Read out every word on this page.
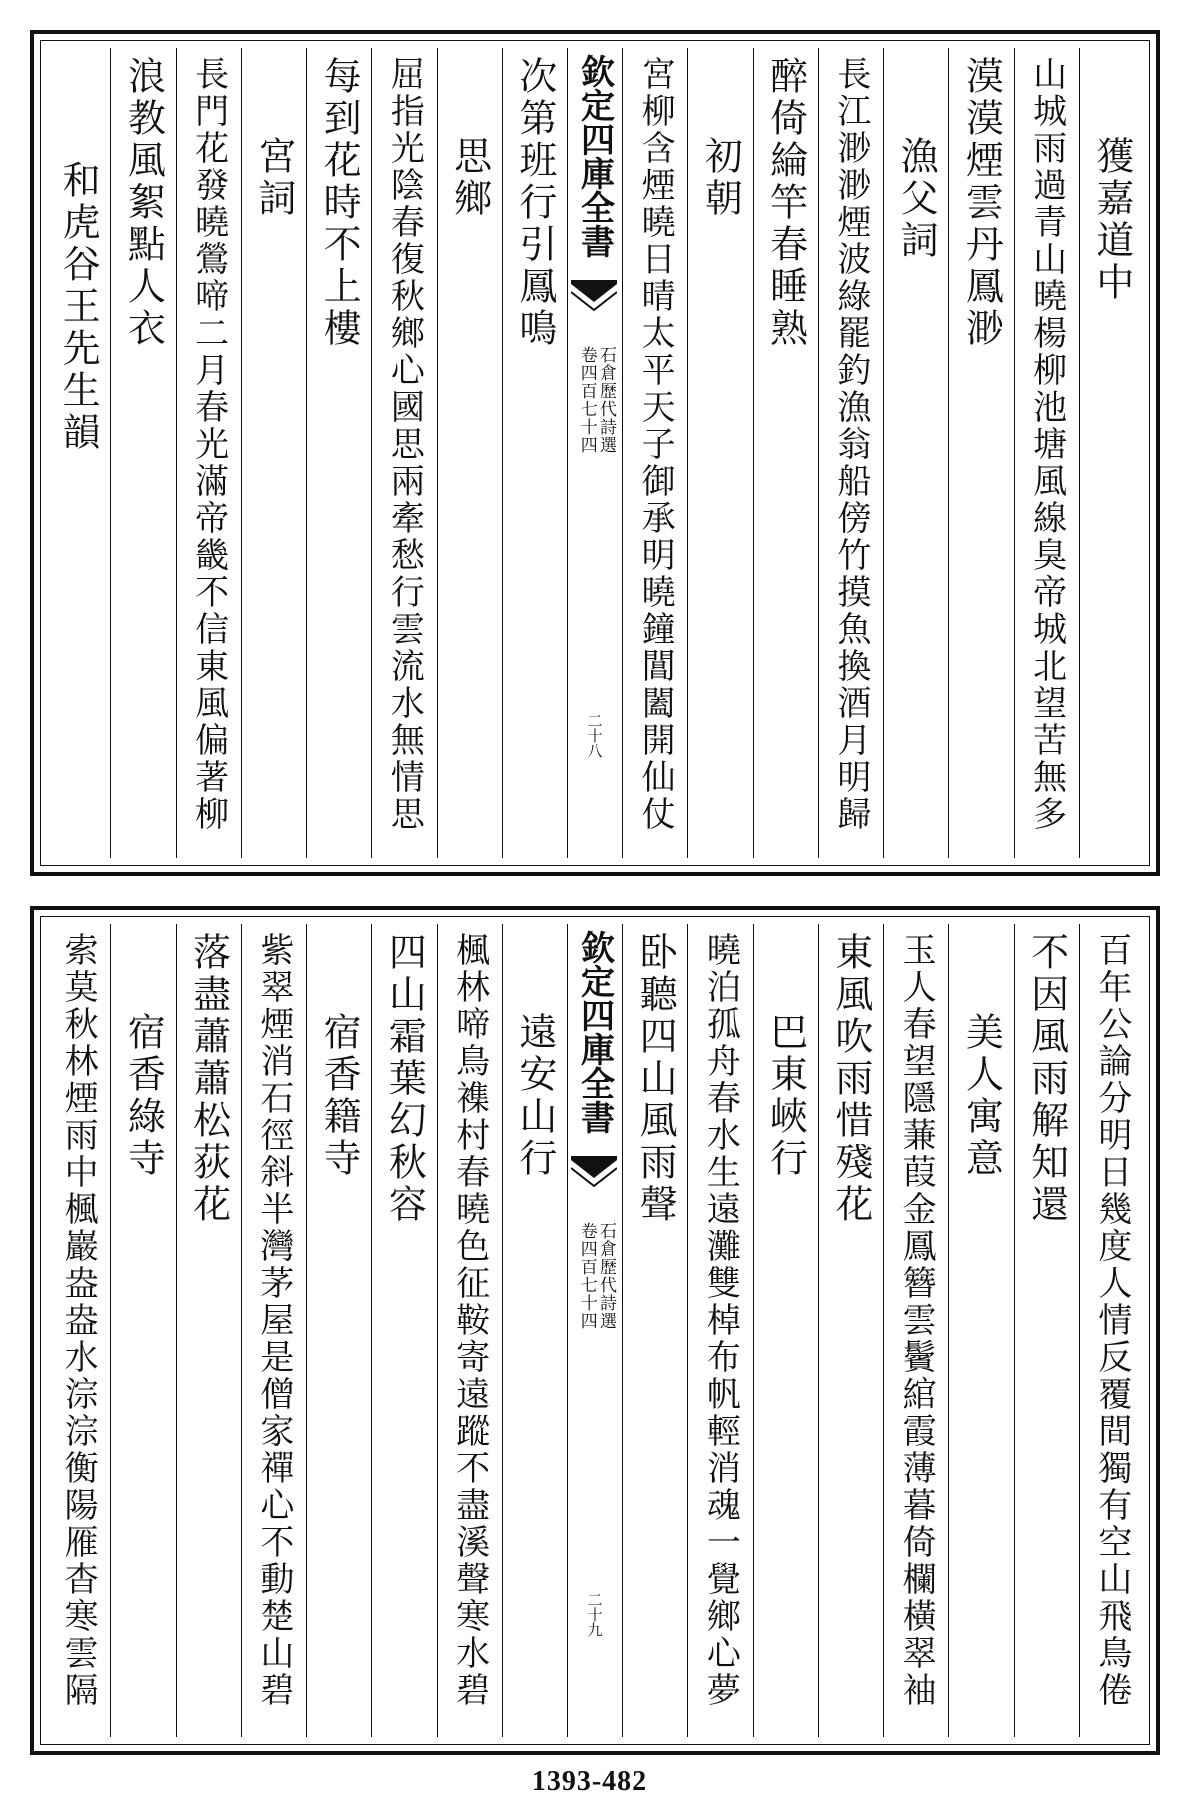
獲嘉道中
山城雨過青山曉楊柳池塘風線臭帝城北望苦無多
漠漠煙雲丹鳳渺
漁父詞
長江渺渺煙波綠罷釣漁翁船傍竹摸魚換酒月明歸
醉倚綸竿春睡熟
初朝
宮柳含煙曉日晴太平天子御承明曉鐘閶闔開仙仗
欽定四庫全書
石倉歷代詩選
卷四百七十四
二十八
次第班行引鳳鳴
思鄉
屈指光陰春復秋鄉心國思兩牽愁行雲流水無情思
每到花時不上樓
宮詞
長門花發曉鶯啼二月春光滿帝畿不信東風偏著柳
浪教風絮點人衣
和虎谷王先生韻
百年公論分明日幾度人情反覆間獨有空山飛鳥倦
不因風雨解知還
美人寓意
玉人春望隱蒹葭金鳳簪雲鬢綰霞薄暮倚欄橫翠袖
東風吹雨惜殘花
巴東峽行
曉泊孤舟春水生遠灘雙棹布帆輕消魂一覺鄉心夢
卧聽四山風雨聲
欽定四庫全書
石倉歷代詩選
卷四百七十四
二十九
遠安山行
楓林啼鳥襍村春曉色征鞍寄遠蹤不盡溪聲寒水碧
四山霜葉幻秋容
宿香籍寺
紫翠煙消石徑斜半灣茅屋是僧家禪心不動楚山碧
落盡蕭蕭松荻花
宿香綠寺
索莫秋林煙雨中楓巖盎盎水淙淙衡陽雁杳寒雲隔
1393-482
